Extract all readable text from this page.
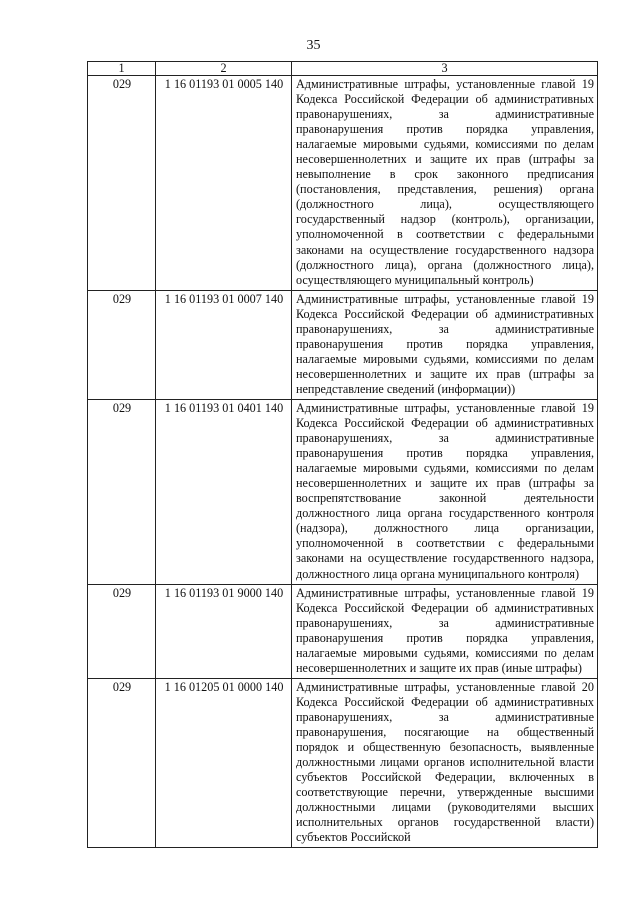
35
1	2	3
029	1 16 01193 01 0005 140	Административные штрафы, установленные главой 19 Кодекса Российской Федерации об административных правонарушениях, за административные правонарушения против порядка управления, налагаемые мировыми судьями, комиссиями по делам несовершеннолетних и защите их прав (штрафы за невыполнение в срок законного предписания (постановления, представления, решения) органа (должностного лица), осуществляющего государственный надзор (контроль), организации, уполномоченной в соответствии с федеральными законами на осуществление государственного надзора (должностного лица), органа (должностного лица), осуществляющего муниципальный контроль)
029	1 16 01193 01 0007 140	Административные штрафы, установленные главой 19 Кодекса Российской Федерации об административных правонарушениях, за административные правонарушения против порядка управления, налагаемые мировыми судьями, комиссиями по делам несовершеннолетних и защите их прав (штрафы за непредставление сведений (информации))
029	1 16 01193 01 0401 140	Административные штрафы, установленные главой 19 Кодекса Российской Федерации об административных правонарушениях, за административные правонарушения против порядка управления, налагаемые мировыми судьями, комиссиями по делам несовершеннолетних и защите их прав (штрафы за воспрепятствование законной деятельности должностного лица органа государственного контроля (надзора), должностного лица организации, уполномоченной в соответствии с федеральными законами на осуществление государственного надзора, должностного лица органа муниципального контроля)
029	1 16 01193 01 9000 140	Административные штрафы, установленные главой 19 Кодекса Российской Федерации об административных правонарушениях, за административные правонарушения против порядка управления, налагаемые мировыми судьями, комиссиями по делам несовершеннолетних и защите их прав (иные штрафы)
029	1 16 01205 01 0000 140	Административные штрафы, установленные главой 20 Кодекса Российской Федерации об административных правонарушениях, за административные правонарушения, посягающие на общественный порядок и общественную безопасность, выявленные должностными лицами органов исполнительной власти субъектов Российской Федерации, включенных в соответствующие перечни, утвержденные высшими должностными лицами (руководителями высших исполнительных органов государственной власти) субъектов Российской
